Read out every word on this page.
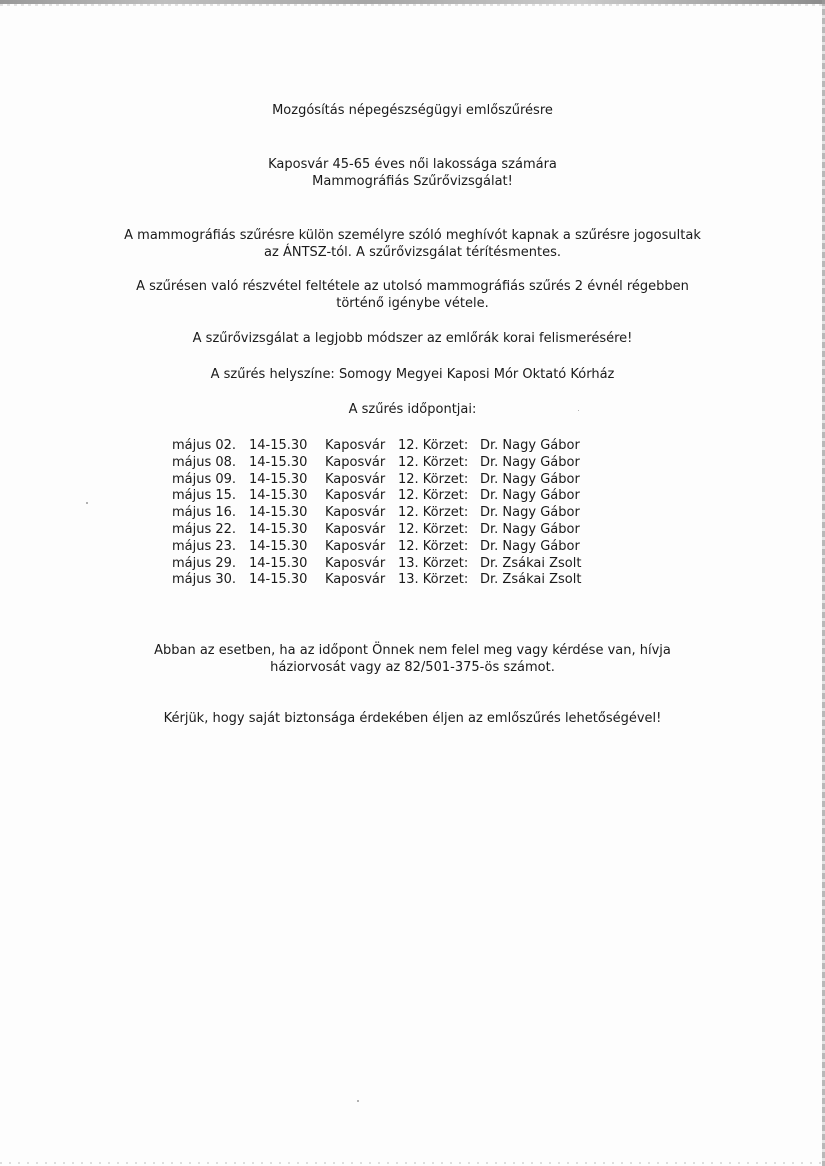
Mozgósítás népegészségügyi emlőszűrésre
Kaposvár 45-65 éves női lakossága számára
Mammográfiás Szűrővizsgálat!
A mammográfiás szűrésre külön személyre szóló meghívót kapnak a szűrésre jogosultak
az ÁNTSZ-tól. A szűrővizsgálat térítésmentes.
A szűrésen való részvétel feltétele az utolsó mammográfiás szűrés 2 évnél régebben
történő igénybe vétele.
A szűrővizsgálat a legjobb módszer az emlőrák korai felismerésére!
A szűrés helyszíne: Somogy Megyei Kaposi Mór Oktató Kórház
A szűrés időpontjai:
május 02. 14-15.30	Kaposvár 12. Körzet: Dr. Nagy Gábor
május 08. 14-15.30	Kaposvár 12. Körzet: Dr. Nagy Gábor
május 09. 14-15.30	Kaposvár 12. Körzet: Dr. Nagy Gábor
május 15. 14-15.30	Kaposvár 12. Körzet: Dr. Nagy Gábor
május 16. 14-15.30	Kaposvár 12. Körzet: Dr. Nagy Gábor
május 22. 14-15.30	Kaposvár 12. Körzet: Dr. Nagy Gábor
május 23. 14-15.30	Kaposvár 12. Körzet: Dr. Nagy Gábor
május 29. 14-15.30	Kaposvár 13. Körzet: Dr. Zsákai Zsolt
május 30. 14-15.30	Kaposvár 13. Körzet: Dr. Zsákai Zsolt
Abban az esetben, ha az időpont Önnek nem felel meg vagy kérdése van, hívja
háziorvosát vagy az 82/501-375-ös számot.
Kérjük, hogy saját biztonsága érdekében éljen az emlőszűrés lehetőségével!
